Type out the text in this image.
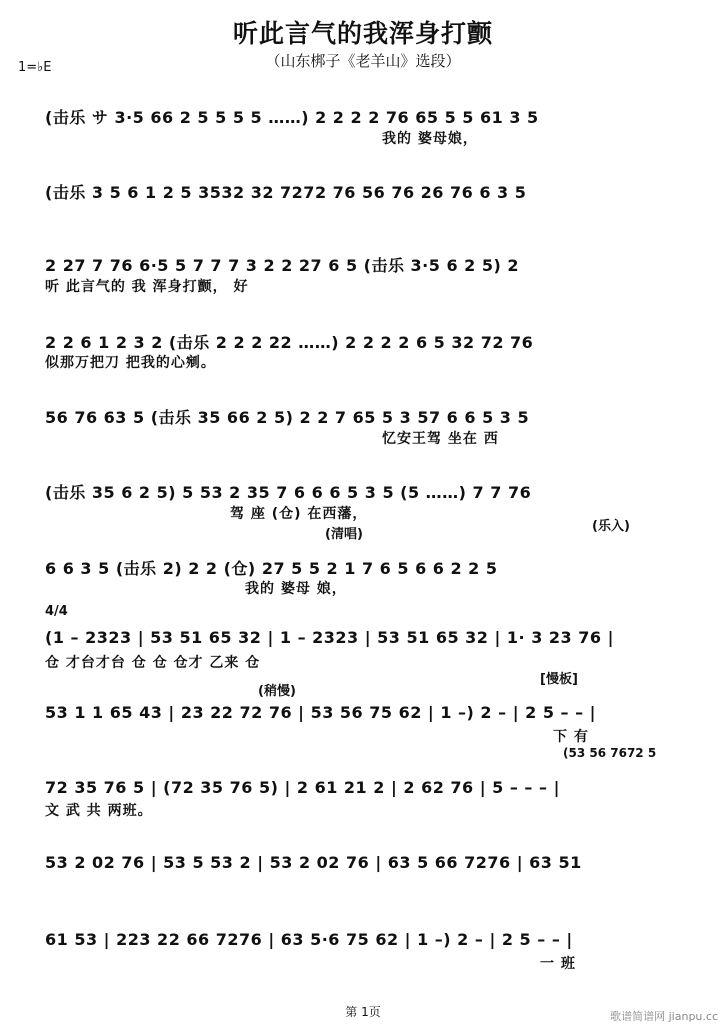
听此言气的我浑身打颤
（山东梆子《老羊山》选段）
1=♭E
(击乐 サ 3·5 66 2 5 5 5 5 ……) 2 2 2 2 76 65 5 5 61 3 5
我的 婆母娘，
(击乐 3 5 6 1 2 5 3532 32 7272 76 56 76 26 76 6 3 5
2 27 7 76 6·5 5 7 7 7 3 2 2 27 6 5 (击乐 3·5 6 2 5) 2
听 此言气的 我 浑身打颤， 好
2 2 6 1 2 3 2 (击乐 2 2 2 22 ……) 2 2 2 2 6 5 32 72 76
似那万把刀 把我的心剜。
56 76 63 5 (击乐 35 66 2 5) 2 2 7 65 5 3 57 6 6 5 3 5
忆安王驾 坐在 西
(击乐 35 6 2 5) 5 53 2 35 7 6 6 6 5 3 5 (5 ……) 7 7 76
驾 座 (仓) 在西藩，
6 6 3 5 (击乐 2) 2 2 (仓) 27 5 5 2 1 7 6 5 6 6 2 2 5
我的 婆母 娘，
(1 – 2323 | 53 51 65 32 | 1 – 2323 | 53 51 65 32 | 1· 3 23 76 |
仓 才台才台 仓 仓 仓才 乙来 仓
53 1 1 65 43 | 23 22 72 76 | 53 56 75 62 | 1 –) 2 – | 2 5 – – |
下 有
72 35 76 5 | (72 35 76 5) | 2 61 21 2 | 2 62 76 | 5 – – – |
文 武 共 两班。
53 2 02 76 | 53 5 53 2 | 53 2 02 76 | 63 5 66 7276 | 63 51
61 53 | 223 22 66 7276 | 63 5·6 75 62 | 1 –) 2 – | 2 5 – – |
一 班
4/4
(清唱)
(乐入)
(稍慢)
[慢板]
(53 56 7672 5
第 1页	歌谱简谱网 jianpu.cc
